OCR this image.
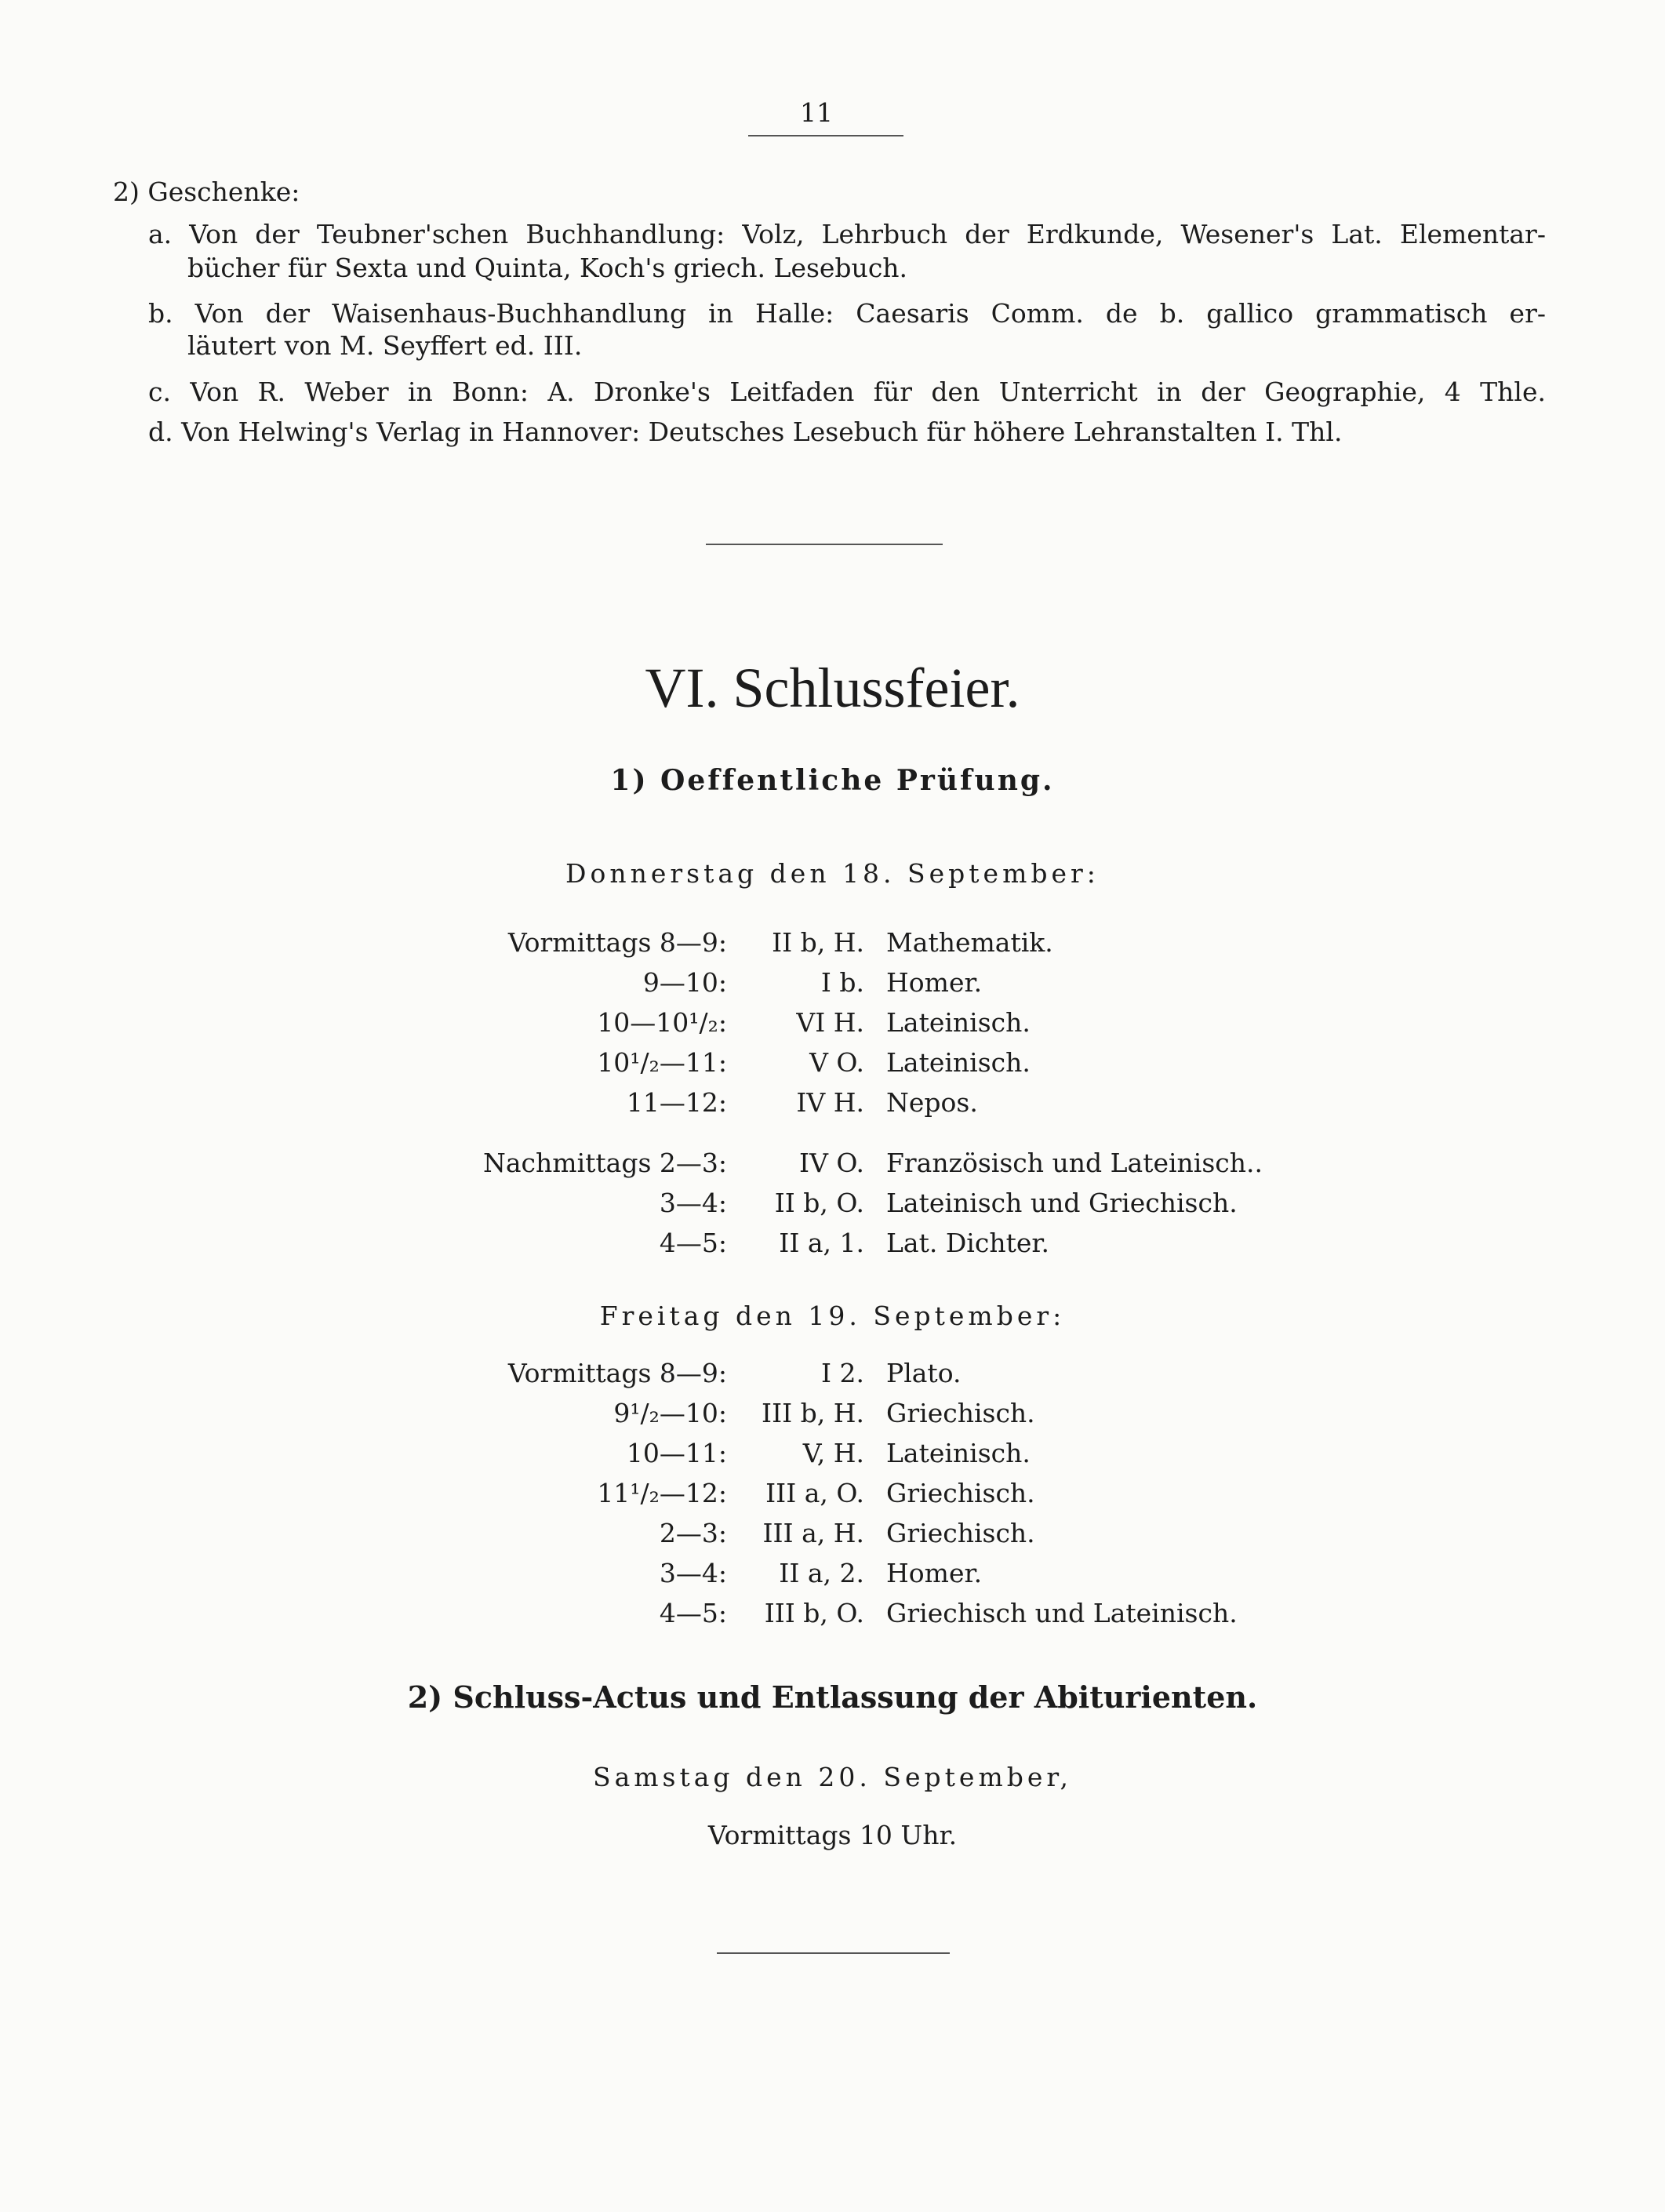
11
2) Geschenke:
a. Von der Teubner'schen Buchhandlung: Volz, Lehrbuch der Erdkunde, Wesener's Lat. Elementar-
bücher für Sexta und Quinta, Koch's griech. Lesebuch.
b. Von der Waisenhaus-Buchhandlung in Halle: Caesaris Comm. de b. gallico grammatisch er-
läutert von M. Seyffert ed. III.
c. Von R. Weber in Bonn: A. Dronke's Leitfaden für den Unterricht in der Geographie, 4 Thle.
d. Von Helwing's Verlag in Hannover: Deutsches Lesebuch für höhere Lehranstalten I. Thl.
VI. Schlussfeier.
1) Oeffentliche Prüfung.
Donnerstag den 18. September:
Vormittags 8—9: II b, H. Mathematik.
9—10:	I b. Homer.
10—10¹/₂:	VI H. Lateinisch.
10¹/₂—11:	V O. Lateinisch.
11—12:	IV H. Nepos.
Nachmittags 2—3:	IV O. Französisch und Lateinisch..
3—4: II b, O. Lateinisch und Griechisch.
4—5: II a, 1. Lat. Dichter.
Freitag den 19. September:
Vormittags 8—9:	I 2. Plato.
9¹/₂—10: III b, H. Griechisch.
10—11:	V, H. Lateinisch.
11¹/₂—12: III a, O. Griechisch.
2—3: III a, H. Griechisch.
3—4: II a, 2. Homer.
4—5: III b, O. Griechisch und Lateinisch.
2) Schluss-Actus und Entlassung der Abiturienten.
Samstag den 20. September,
Vormittags 10 Uhr.
